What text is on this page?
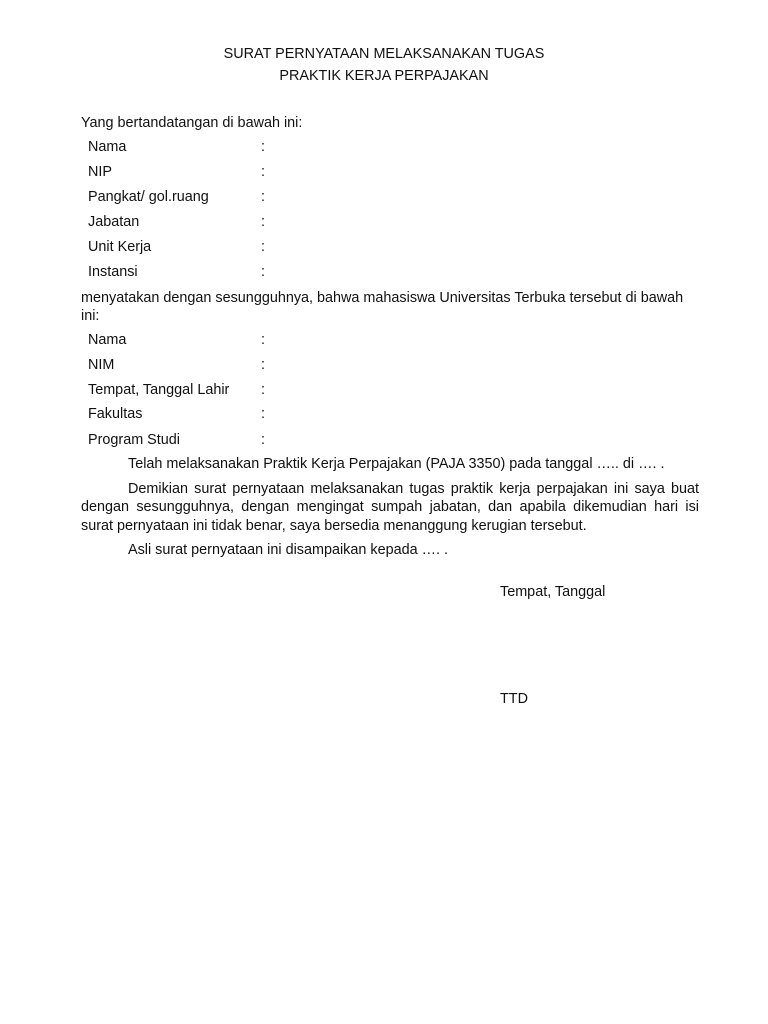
SURAT PERNYATAAN MELAKSANAKAN TUGAS
PRAKTIK KERJA PERPAJAKAN
Yang bertandatangan di bawah ini:
Nama	:
NIP	:
Pangkat/ gol.ruang	:
Jabatan	:
Unit Kerja	:
Instansi	:
menyatakan dengan sesungguhnya, bahwa mahasiswa Universitas Terbuka tersebut di bawah ini:
Nama	:
NIM	:
Tempat, Tanggal Lahir :
Fakultas	:
Program Studi	:
Telah melaksanakan Praktik Kerja Perpajakan (PAJA 3350) pada tanggal ….. di …. .
Demikian surat pernyataan melaksanakan tugas praktik kerja perpajakan ini saya buat dengan sesungguhnya, dengan mengingat sumpah jabatan, dan apabila dikemudian hari isi surat pernyataan ini tidak benar, saya bersedia menanggung kerugian tersebut.
Asli surat pernyataan ini disampaikan kepada …. .
Tempat, Tanggal
TTD
